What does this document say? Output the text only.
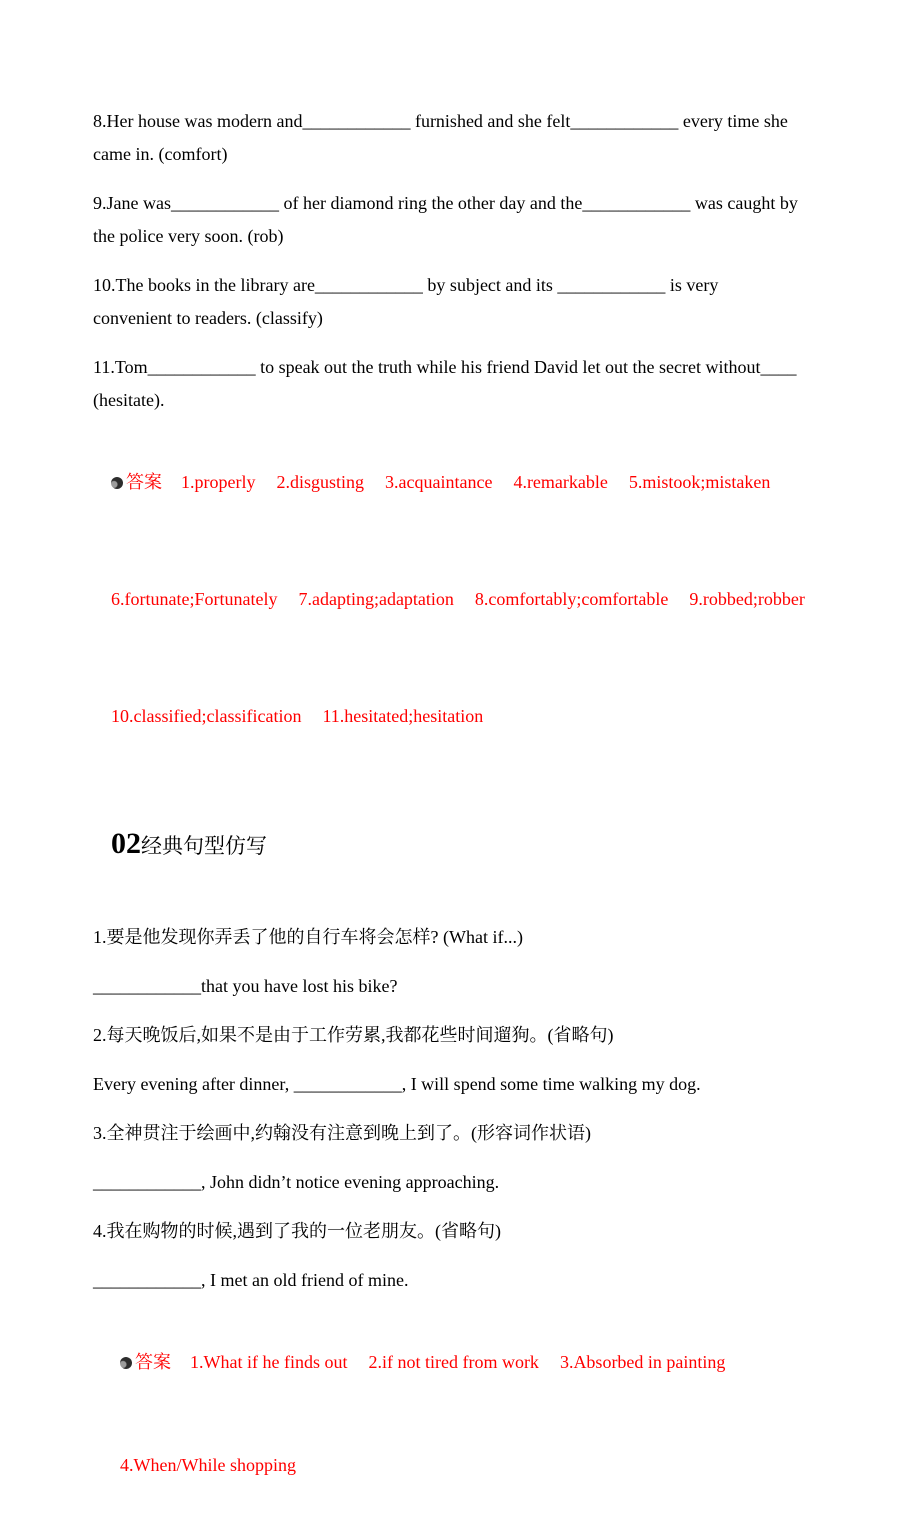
8.Her house was modern and____________ furnished and she felt____________ every time she
came in. (comfort)
9.Jane was____________ of her diamond ring the other day and the____________ was caught by
the police very soon. (rob)
10.The books in the library are____________ by subject and its ____________ is very
convenient to readers. (classify)
11.Tom____________ to speak out the truth while his friend David let out the secret without____
(hesitate).

答案 1.properly 2.disgusting 3.acquaintance 4.remarkable 5.mistook;mistaken

6.fortunate;Fortunately 7.adapting;adaptation 8.comfortably;comfortable 9.robbed;robber

10.classified;classification 11.hesitated;hesitation

02经典句型仿写

1.要是他发现你弄丢了他的自行车将会怎样? (What if...)
____________that you have lost his bike?
2.每天晚饭后,如果不是由于工作劳累,我都花些时间遛狗。(省略句)
Every evening after dinner, ____________, I will spend some time walking my dog.
3.全神贯注于绘画中,约翰没有注意到晚上到了。(形容词作状语)
____________, John didn’t notice evening approaching.
4.我在购物的时候,遇到了我的一位老朋友。(省略句)
____________, I met an old friend of mine.

答案 1.What if he finds out 2.if not tired from work 3.Absorbed in painting

4.When/While shopping
